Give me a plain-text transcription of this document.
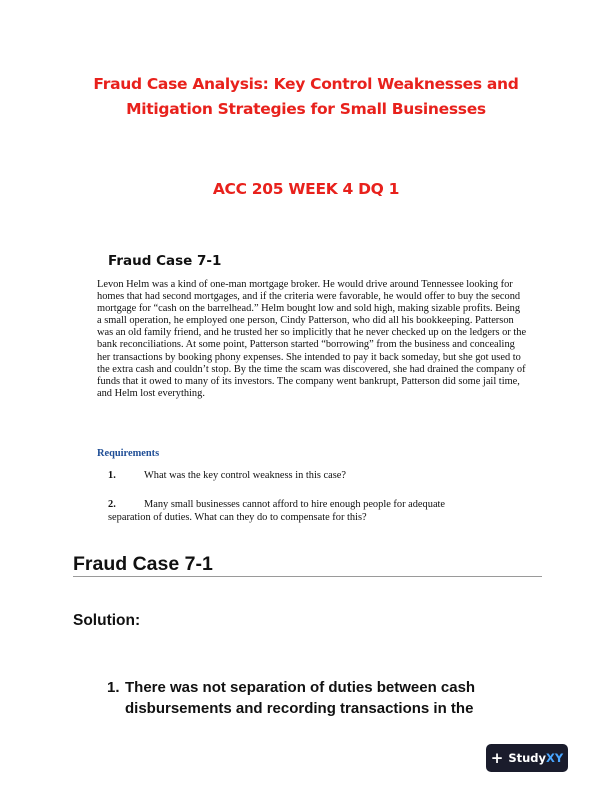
Fraud Case Analysis: Key Control Weaknesses and
Mitigation Strategies for Small Businesses
ACC 205 WEEK 4 DQ 1
Fraud Case 7-1
Levon Helm was a kind of one-man mortgage broker. He would drive around Tennessee looking for homes that had second mortgages, and if the criteria were favorable, he would offer to buy the second mortgage for “cash on the barrelhead.” Helm bought low and sold high, making sizable profits. Being a small operation, he employed one person, Cindy Patterson, who did all his bookkeeping. Patterson was an old family friend, and he trusted her so implicitly that he never checked up on the ledgers or the bank reconciliations. At some point, Patterson started “borrowing” from the business and concealing her transactions by booking phony expenses. She intended to pay it back someday, but she got used to the extra cash and couldn’t stop. By the time the scam was discovered, she had drained the company of funds that it owed to many of its investors. The company went bankrupt, Patterson did some jail time, and Helm lost everything.
Requirements
1.	What was the key control weakness in this case?
2.	Many small businesses cannot afford to hire enough people for adequate
separation of duties. What can they do to compensate for this?
Fraud Case 7-1
Solution:
1. There was not separation of duties between cash
disbursements and recording transactions in the
+ Study XY
